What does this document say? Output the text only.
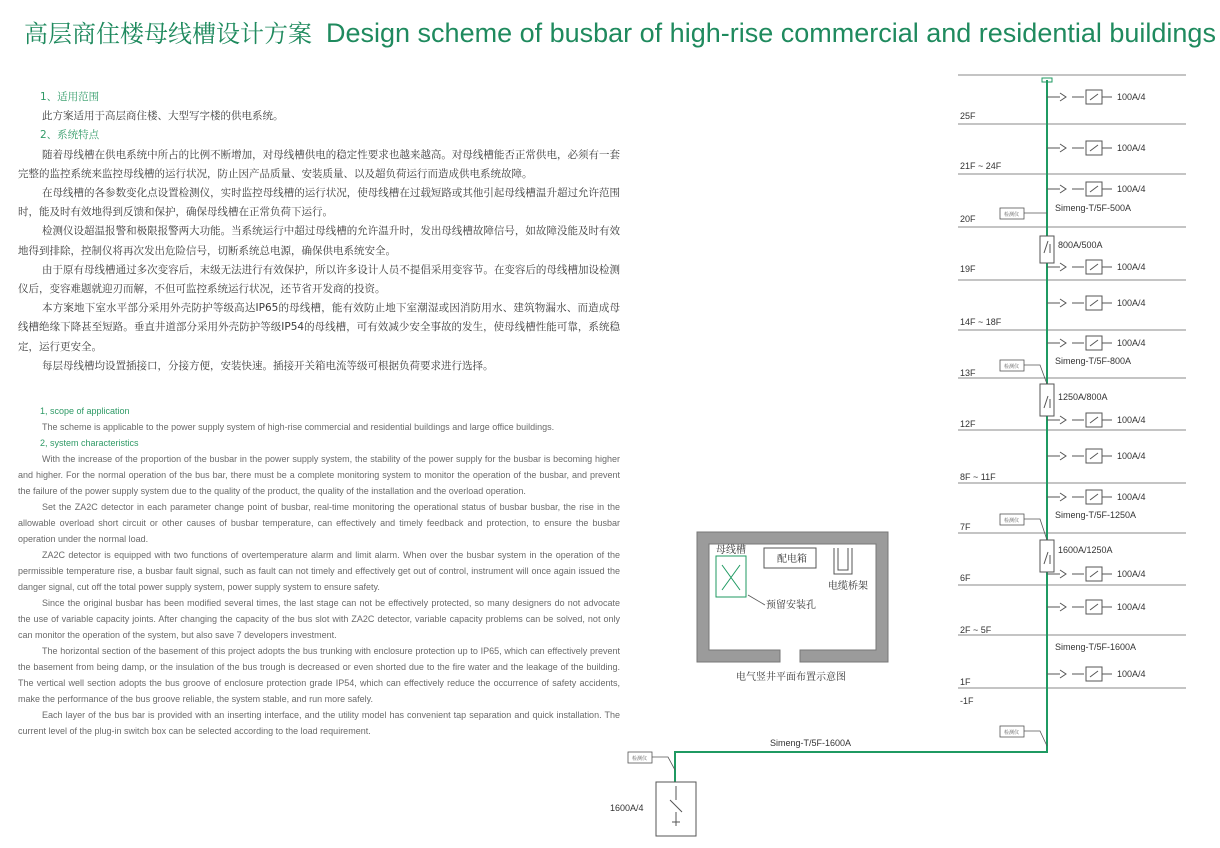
高层商住楼母线槽设计方案 Design scheme of busbar of high-rise commercial and residential buildings
1、适用范围
此方案适用于高层商住楼、大型写字楼的供电系统。
2、系统特点
随着母线槽在供电系统中所占的比例不断增加，对母线槽供电的稳定性要求也越来越高。对母线槽能否正常供电，必须有一套完整的监控系统来监控母线槽的运行状况，防止因产品质量、安装质量、以及超负荷运行而造成供电系统故障。
在母线槽的各参数变化点设置检测仪，实时监控母线槽的运行状况，使母线槽在过载短路或其他引起母线槽温升超过允许范围时，能及时有效地得到反馈和保护，确保母线槽在正常负荷下运行。
检测仪设超温报警和极限报警两大功能。当系统运行中超过母线槽的允许温升时，发出母线槽故障信号，如故障没能及时有效地得到排除，控制仪将再次发出危险信号，切断系统总电源，确保供电系统安全。
由于原有母线槽通过多次变容后，末级无法进行有效保护，所以许多设计人员不提倡采用变容节。在变容后的母线槽加设检测仪后，变容难题就迎刃而解，不但可监控系统运行状况，还节省开发商的投资。
本方案地下室水平部分采用外壳防护等级高达IP65的母线槽，能有效防止地下室潮湿或因消防用水、建筑物漏水、而造成母线槽绝缘下降甚至短路。垂直井道部分采用外壳防护等级IP54的母线槽，可有效减少安全事故的发生，使母线槽性能可靠，系统稳定，运行更安全。
每层母线槽均设置插接口，分接方便，安装快速。插接开关箱电流等级可根据负荷要求进行选择。
1, scope of application
The scheme is applicable to the power supply system of high-rise commercial and residential buildings and large office buildings.
2, system characteristics
With the increase of the proportion of the busbar in the power supply system, the stability of the power supply for the busbar is becoming higher and higher. For the normal operation of the bus bar, there must be a complete monitoring system to monitor the operation of the busbar, and prevent the failure of the power supply system due to the quality of the product, the quality of the installation and the overload operation.
Set the ZA2C detector in each parameter change point of busbar, real-time monitoring the operational status of busbar busbar, the rise in the allowable overload short circuit or other causes of busbar temperature, can effectively and timely feedback and protection, to ensure the busbar operation under the normal load.
ZA2C detector is equipped with two functions of overtemperature alarm and limit alarm. When over the busbar system in the operation of the permissible temperature rise, a busbar fault signal, such as fault can not timely and effectively get out of control, instrument will once again issued the danger signal, cut off the total power supply system, power supply system to ensure safety.
Since the original busbar has been modified several times, the last stage can not be effectively protected, so many designers do not advocate the use of variable capacity joints. After changing the capacity of the bus slot with ZA2C detector, variable capacity problems can be solved, not only can monitor the operation of the system, but also save 7 developers investment.
The horizontal section of the basement of this project adopts the bus trunking with enclosure protection up to IP65, which can effectively prevent the basement from being damp, or the insulation of the bus trough is decreased or even shorted due to the fire water and the leakage of the building. The vertical well section adopts the bus groove of enclosure protection grade IP54, which can effectively reduce the occurrence of safety accidents, make the performance of the bus groove reliable, the system stable, and run more safely.
Each layer of the bus bar is provided with an inserting interface, and the utility model has convenient tap separation and quick installation. The current level of the plug-in switch box can be selected according to the load requirement.
母线槽
配电箱
电缆桥架
预留安装孔
电气竖井平面布置示意图
检测仪
检测仪
检测仪
检测仪
检测仪
25F
21F ~ 24F
20F
19F
14F ~ 18F
13F
12F
8F ~ 11F
7F
6F
2F ~ 5F
1F
-1F
100A/4
100A/4
100A/4
100A/4
100A/4
100A/4
100A/4
100A/4
100A/4
100A/4
100A/4
100A/4
Simeng-T/5F-500A
800A/500A
Simeng-T/5F-800A
1250A/800A
Simeng-T/5F-1250A
1600A/1250A
Simeng-T/5F-1600A
Simeng-T/5F-1600A
1600A/4
